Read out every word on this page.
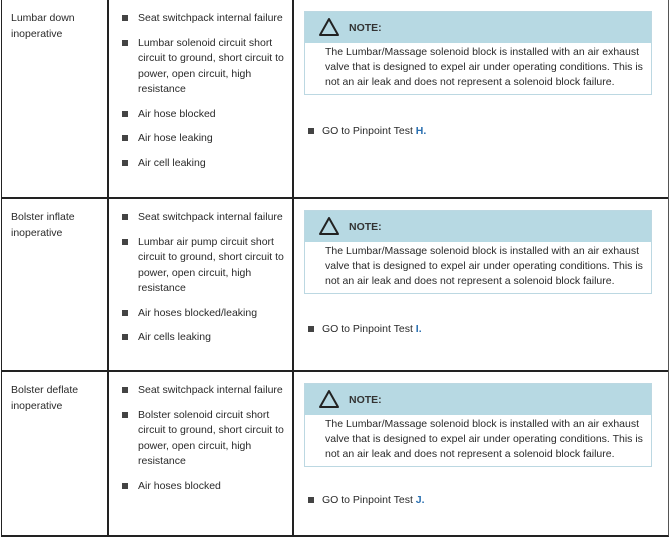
Lumbar down inoperative
Seat switchpack internal failure
Lumbar solenoid circuit short circuit to ground, short circuit to power, open circuit, high resistance
Air hose blocked
Air hose leaking
Air cell leaking
NOTE:
The Lumbar/Massage solenoid block is installed with an air exhaust valve that is designed to expel air under operating conditions. This is not an air leak and does not represent a solenoid block failure.
GO to Pinpoint Test H.
Bolster inflate inoperative
Seat switchpack internal failure
Lumbar air pump circuit short circuit to ground, short circuit to power, open circuit, high resistance
Air hoses blocked/leaking
Air cells leaking
NOTE:
The Lumbar/Massage solenoid block is installed with an air exhaust valve that is designed to expel air under operating conditions. This is not an air leak and does not represent a solenoid block failure.
GO to Pinpoint Test I.
Bolster deflate inoperative
Seat switchpack internal failure
Bolster solenoid circuit short circuit to ground, short circuit to power, open circuit, high resistance
Air hoses blocked
NOTE:
The Lumbar/Massage solenoid block is installed with an air exhaust valve that is designed to expel air under operating conditions. This is not an air leak and does not represent a solenoid block failure.
GO to Pinpoint Test J.
